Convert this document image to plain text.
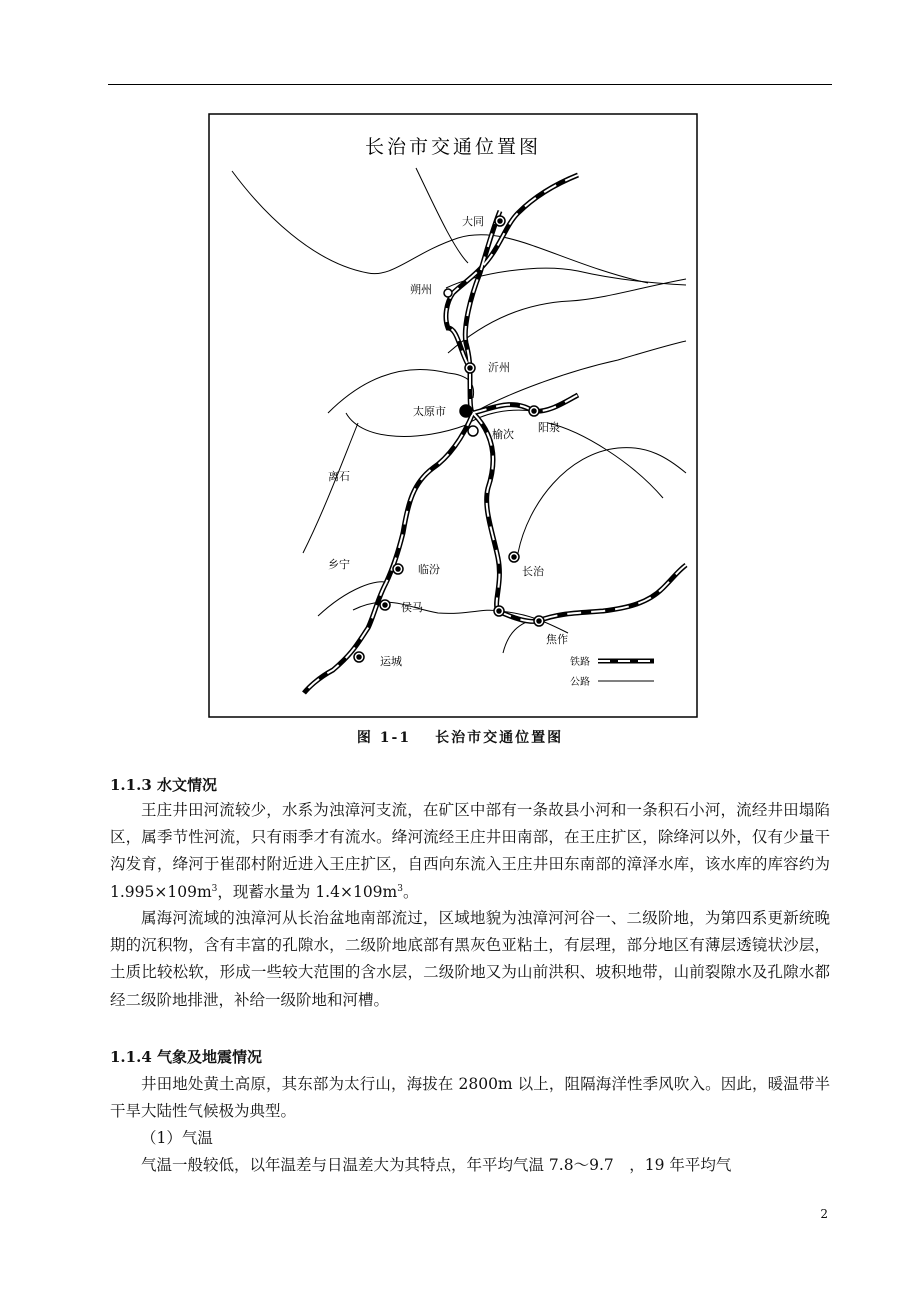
长治市交通位置图
大同
朔州
沂州
太原市
榆次
阳泉
离石
乡宁	临汾	长治
侯马
焦作
运城	铁路
公路
图 1-1 长治市交通位置图
1.1.3 水文情况
王庄井田河流较少，水系为浊漳河支流，在矿区中部有一条故县小河和一条积石小河，流经井田塌陷区，属季节性河流，只有雨季才有流水。绛河流经王庄井田南部，在王庄扩区，除绛河以外，仅有少量干沟发育，绛河于崔邵村附近进入王庄扩区，自西向东流入王庄井田东南部的漳泽水库，该水库的库容约为 $1.995\times 109m^3$，现蓄水量为 $1.4\times 109m^3$。
属海河流域的浊漳河从长治盆地南部流过，区域地貌为浊漳河河谷一、二级阶地，为第四系更新统晚期的沉积物，含有丰富的孔隙水，二级阶地底部有黑灰色亚粘土，有层理，部分地区有薄层透镜状沙层，土质比较松软，形成一些较大范围的含水层，二级阶地又为山前洪积、坡积地带，山前裂隙水及孔隙水都经二级阶地排泄，补给一级阶地和河槽。
1.1.4 气象及地震情况
井田地处黄土高原，其东部为太行山，海拔在 2800m 以上，阻隔海洋性季风吹入。因此，暖温带半干旱大陆性气候极为典型。
（1）气温
气温一般较低，以年温差与日温差大为其特点，年平均气温 7.8～9.7　，19 年平均气
2
